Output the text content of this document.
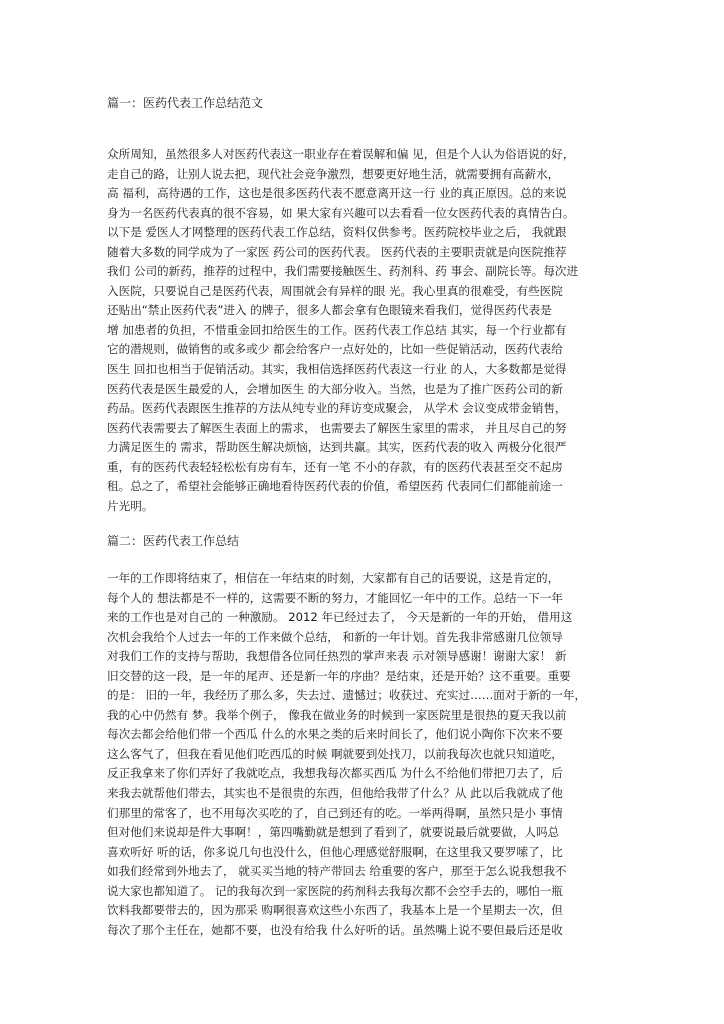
篇一：医药代表工作总结范文
众所周知，虽然很多人对医药代表这一职业存在着误解和偏 见，但是个人认为俗语说的好，
走自己的路，让别人说去把，现代社会竞争激烈，想要更好地生活，就需要拥有高薪水，
高 福利，高待遇的工作，这也是很多医药代表不愿意离开这一行 业的真正原因。总的来说
身为一名医药代表真的很不容易，如 果大家有兴趣可以去看看一位女医药代表的真情告白。
以下是 爱医人才网整理的医药代表工作总结，资料仅供参考。医药院校毕业之后， 我就跟
随着大多数的同学成为了一家医 药公司的医药代表。 医药代表的主要职责就是向医院推荐
我们 公司的新药，推荐的过程中，我们需要接触医生、药剂科、药 事会、副院长等。每次进
入医院，只要说自己是医药代表，周围就会有异样的眼 光。我心里真的很难受，有些医院
还贴出“禁止医药代表”进入 的牌子，很多人都会拿有色眼镜来看我们，觉得医药代表是
增 加患者的负担，不惜重金回扣给医生的工作。医药代表工作总结 其实，每一个行业都有
它的潜规则，做销售的或多或少 都会给客户一点好处的，比如一些促销活动，医药代表给
医生 回扣也相当于促销活动。其实，我相信选择医药代表这一行业 的人，大多数都是觉得
医药代表是医生最爱的人，会增加医生 的大部分收入。当然，也是为了推广医药公司的新
药品。医药代表跟医生推荐的方法从纯专业的拜访变成聚会， 从学术 会议变成带金销售，
医药代表需要去了解医生表面上的需求， 也需要去了解医生家里的需求， 并且尽自己的努
力满足医生的 需求，帮助医生解决烦恼，达到共赢。其实，医药代表的收入 两极分化很严
重，有的医药代表轻轻松松有房有车，还有一笔 不小的存款，有的医药代表甚至交不起房
租。总之了，希望社会能够正确地看待医药代表的价值，希望医药 代表同仁们都能前途一
片光明。
篇二：医药代表工作总结
一年的工作即将结束了，相信在一年结束的时刻，大家都有自己的话要说，这是肯定的，
每个人的 想法都是不一样的，这需要不断的努力，才能回忆一年中的工作。总结一下一年
来的工作也是对自己的 一种激励。 2012 年已经过去了， 今天是新的一年的开始， 借用这
次机会我给个人过去一年的工作来做个总结， 和新的一年计划。首先我非常感谢几位领导
对我们工作的支持与帮助，我想借各位同任热烈的掌声来表 示对领导感谢！谢谢大家！ 新
旧交替的这一段，是一年的尾声、还是新一年的序曲？是结束，还是开始？这不重要。重要
的是： 旧的一年，我经历了那么多，失去过、遗憾过；收获过、充实过……面对于新的一年，
我的心中仍然有 梦。我举个例子， 像我在做业务的时候到一家医院里是很热的夏天我以前
每次去都会给他们带一个西瓜 什么的水果之类的后来时间长了，他们说小陶你下次来不要
这么客气了，但我在看见他们吃西瓜的时候 啊就要到处找刀，以前我每次也就只知道吃，
反正我拿来了你们弄好了我就吃点，我想我每次都买西瓜 为什么不给他们带把刀去了，后
来我去就帮他们带去，其实也不是很贵的东西，但他给我带了什么？从 此以后我就成了他
们那里的常客了，也不用每次买吃的了，自己到还有的吃。一举两得啊，虽然只是小 事情
但对他们来说却是件大事啊！，第四嘴勤就是想到了看到了，就要说最后就要做，人吗总
喜欢听好 听的话，你多说几句也没什么，但他心理感觉舒服啊，在这里我又要罗嗦了，比
如我们经常到外地去了， 就买买当地的特产带回去 给重要的客户，那至于怎么说我想我不
说大家也都知道了。 记的我每次到一家医院的药剂科去我每次都不会空手去的，哪怕一瓶
饮料我都要带去的，因为那采 购啊很喜欢这些小东西了，我基本上是一个星期去一次，但
每次了那个主任在，她都不要，也没有给我 什么好听的话。虽然嘴上说不要但最后还是收
